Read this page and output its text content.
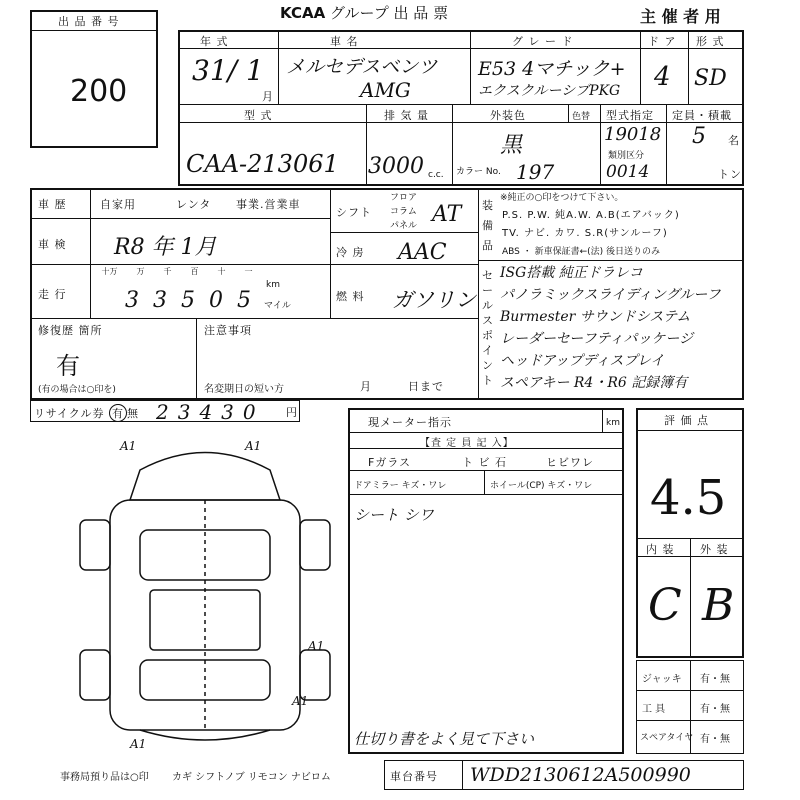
出 品 番 号
200
KCAA グループ 出 品 票	主 催 者 用
年 式
31/ 1
月
車 名
メルセデスベンツ
AMG
グ レ ー ド
E53 4マチック+
エクスクルーシブPKG
ド ア
4
形 式
SD
型 式
CAA-213061
排 気 量
3000 c.c.
外装色	色替
黒
カラー No. 197
型式指定
19018
類別区分
0014
定員・積載
5 名
トン
車 歴	自家用	レンタ 事業.営業車
車 検 R8 年 1月
走 行
十万 万 千 百 十 一
3 3 5 0 5
km
マイル
シフト
フロア
コラム
パネル AT
冷 房 AAC
燃 料 ガソリン
装備品
※純正の○印をつけて下さい。
P.S. P.W. 純A.W. A.B(エアバック)
TV. ナビ. カワ. S.R(サンルーフ)
ABS ・ 新車保証書←(法) 後日送りのみ
セールスポイント
ISG搭載 純正ドラレコ
パノラミックスライディングルーフ
Burmester サウンドシステム
レーダーセーフティパッケージ
ヘッドアップディスプレイ
スペアキー R4・R6 記録簿有
修復歴 箇所
有
(有の場合は○印を)
注意事項
名変期日の短い方	月	日まで
リサイクル券 有 無 23430 円
A1	A1
A1
A1
A1
現メーター指示	km
【査 定 員 記 入】
Fガラス	ト ビ 石	ヒビワレ
ドアミラー キズ・ワレ	ホイール(CP) キズ・ワレ
シート シワ
評 価 点
4.5
内 装 外 装
C B
ジャッキ 有・無
工 具	有・無
スペアタイヤ 有・無
仕切り書をよく見て下さい
事務局預り品は○印 カギ シフトノブ リモコン ナビロム	車台番号 WDD2130612A500990
